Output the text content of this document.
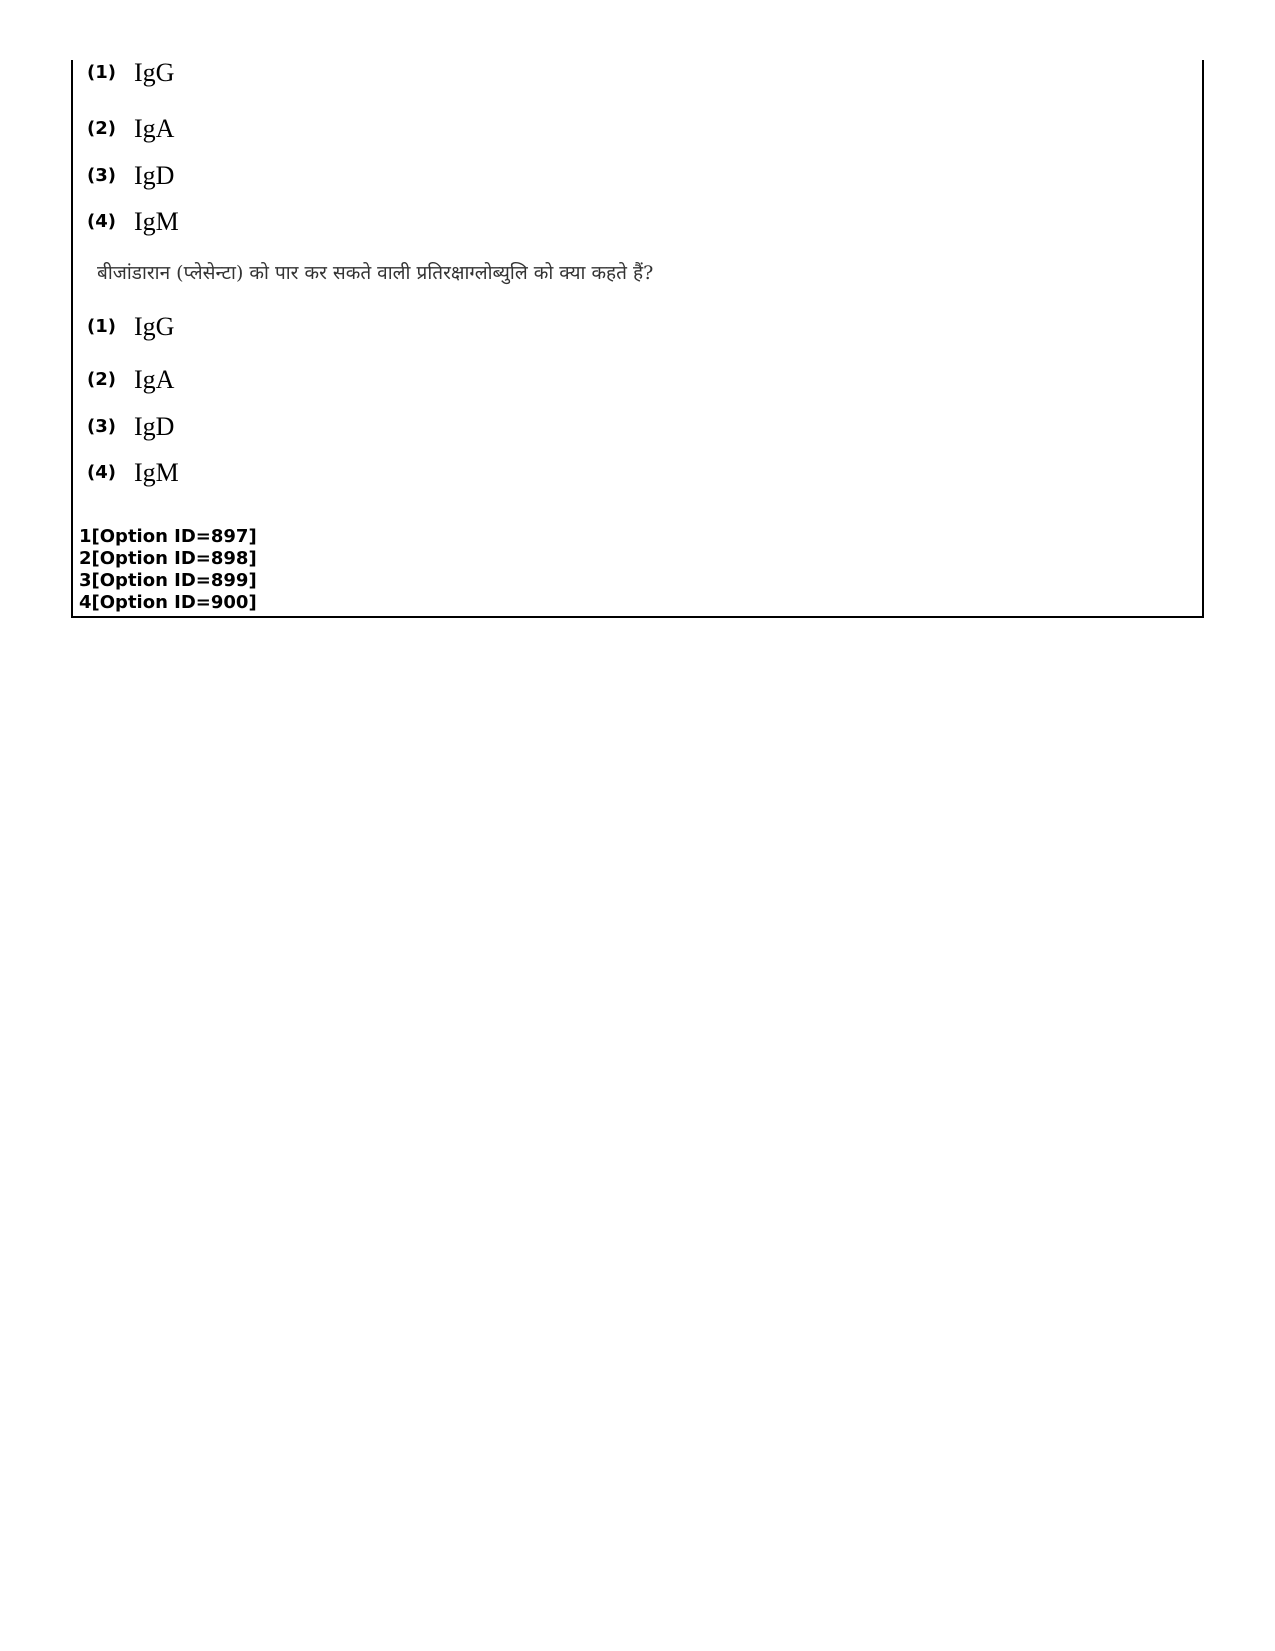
(1) IgG
(2) IgA
(3) IgD
(4) IgM
बीजांडारान (प्लेसेन्टा) को पार कर सकते वाली प्रतिरक्षाग्लोब्युलि को क्या कहते हैं?
(1) IgG
(2) IgA
(3) IgD
(4) IgM
1[Option ID=897]
2[Option ID=898]
3[Option ID=899]
4[Option ID=900]
